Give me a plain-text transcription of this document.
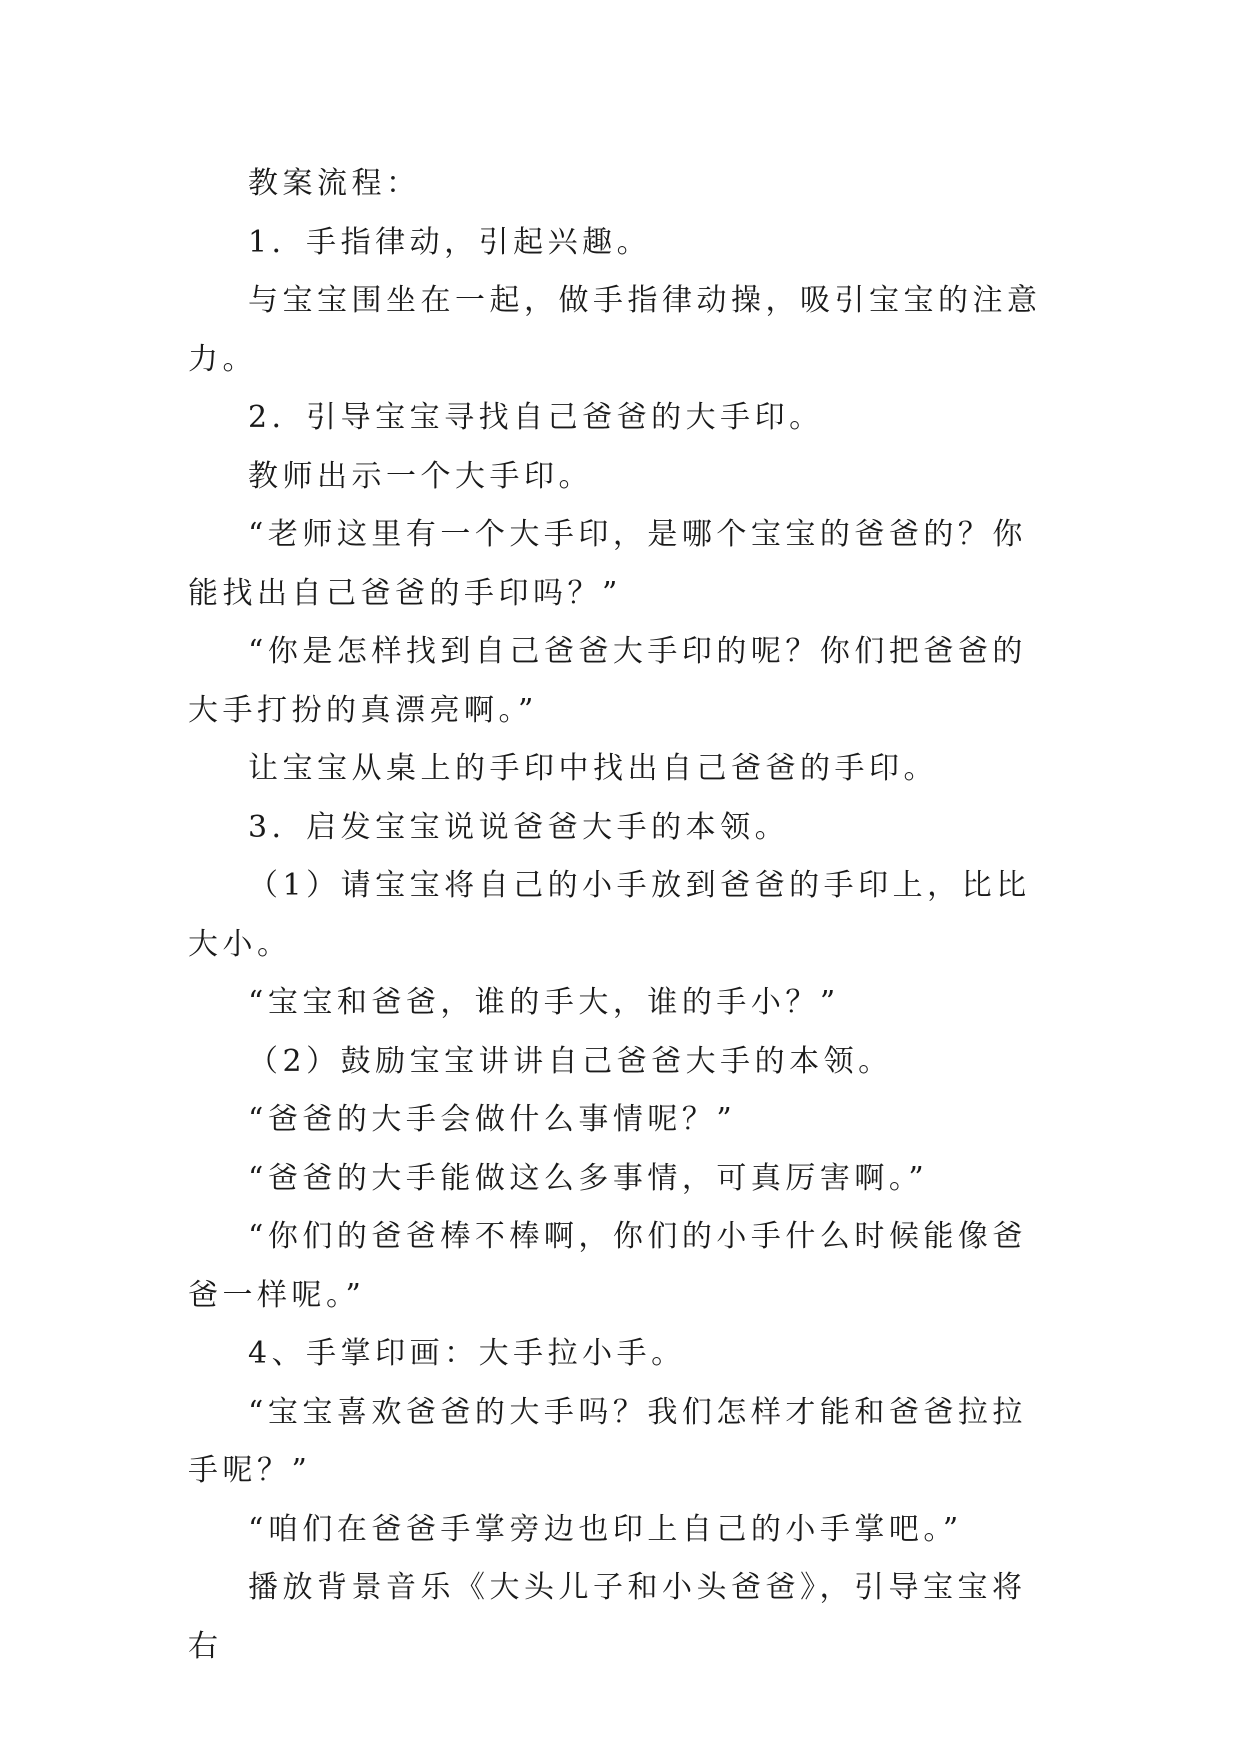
教案流程：

1．手指律动，引起兴趣。

与宝宝围坐在一起，做手指律动操，吸引宝宝的注意力。

2．引导宝宝寻找自己爸爸的大手印。

教师出示一个大手印。

“老师这里有一个大手印，是哪个宝宝的爸爸的？你能找出自己爸爸的手印吗？”

“你是怎样找到自己爸爸大手印的呢？你们把爸爸的大手打扮的真漂亮啊。”

让宝宝从桌上的手印中找出自己爸爸的手印。

3．启发宝宝说说爸爸大手的本领。

（1）请宝宝将自己的小手放到爸爸的手印上，比比大小。

“宝宝和爸爸，谁的手大，谁的手小？”

（2）鼓励宝宝讲讲自己爸爸大手的本领。

“爸爸的大手会做什么事情呢？”

“爸爸的大手能做这么多事情，可真厉害啊。”

“你们的爸爸棒不棒啊，你们的小手什么时候能像爸爸一样呢。”

4、手掌印画：大手拉小手。

“宝宝喜欢爸爸的大手吗？我们怎样才能和爸爸拉拉手呢？”

“咱们在爸爸手掌旁边也印上自己的小手掌吧。”

播放背景音乐《大头儿子和小头爸爸》，引导宝宝将右
